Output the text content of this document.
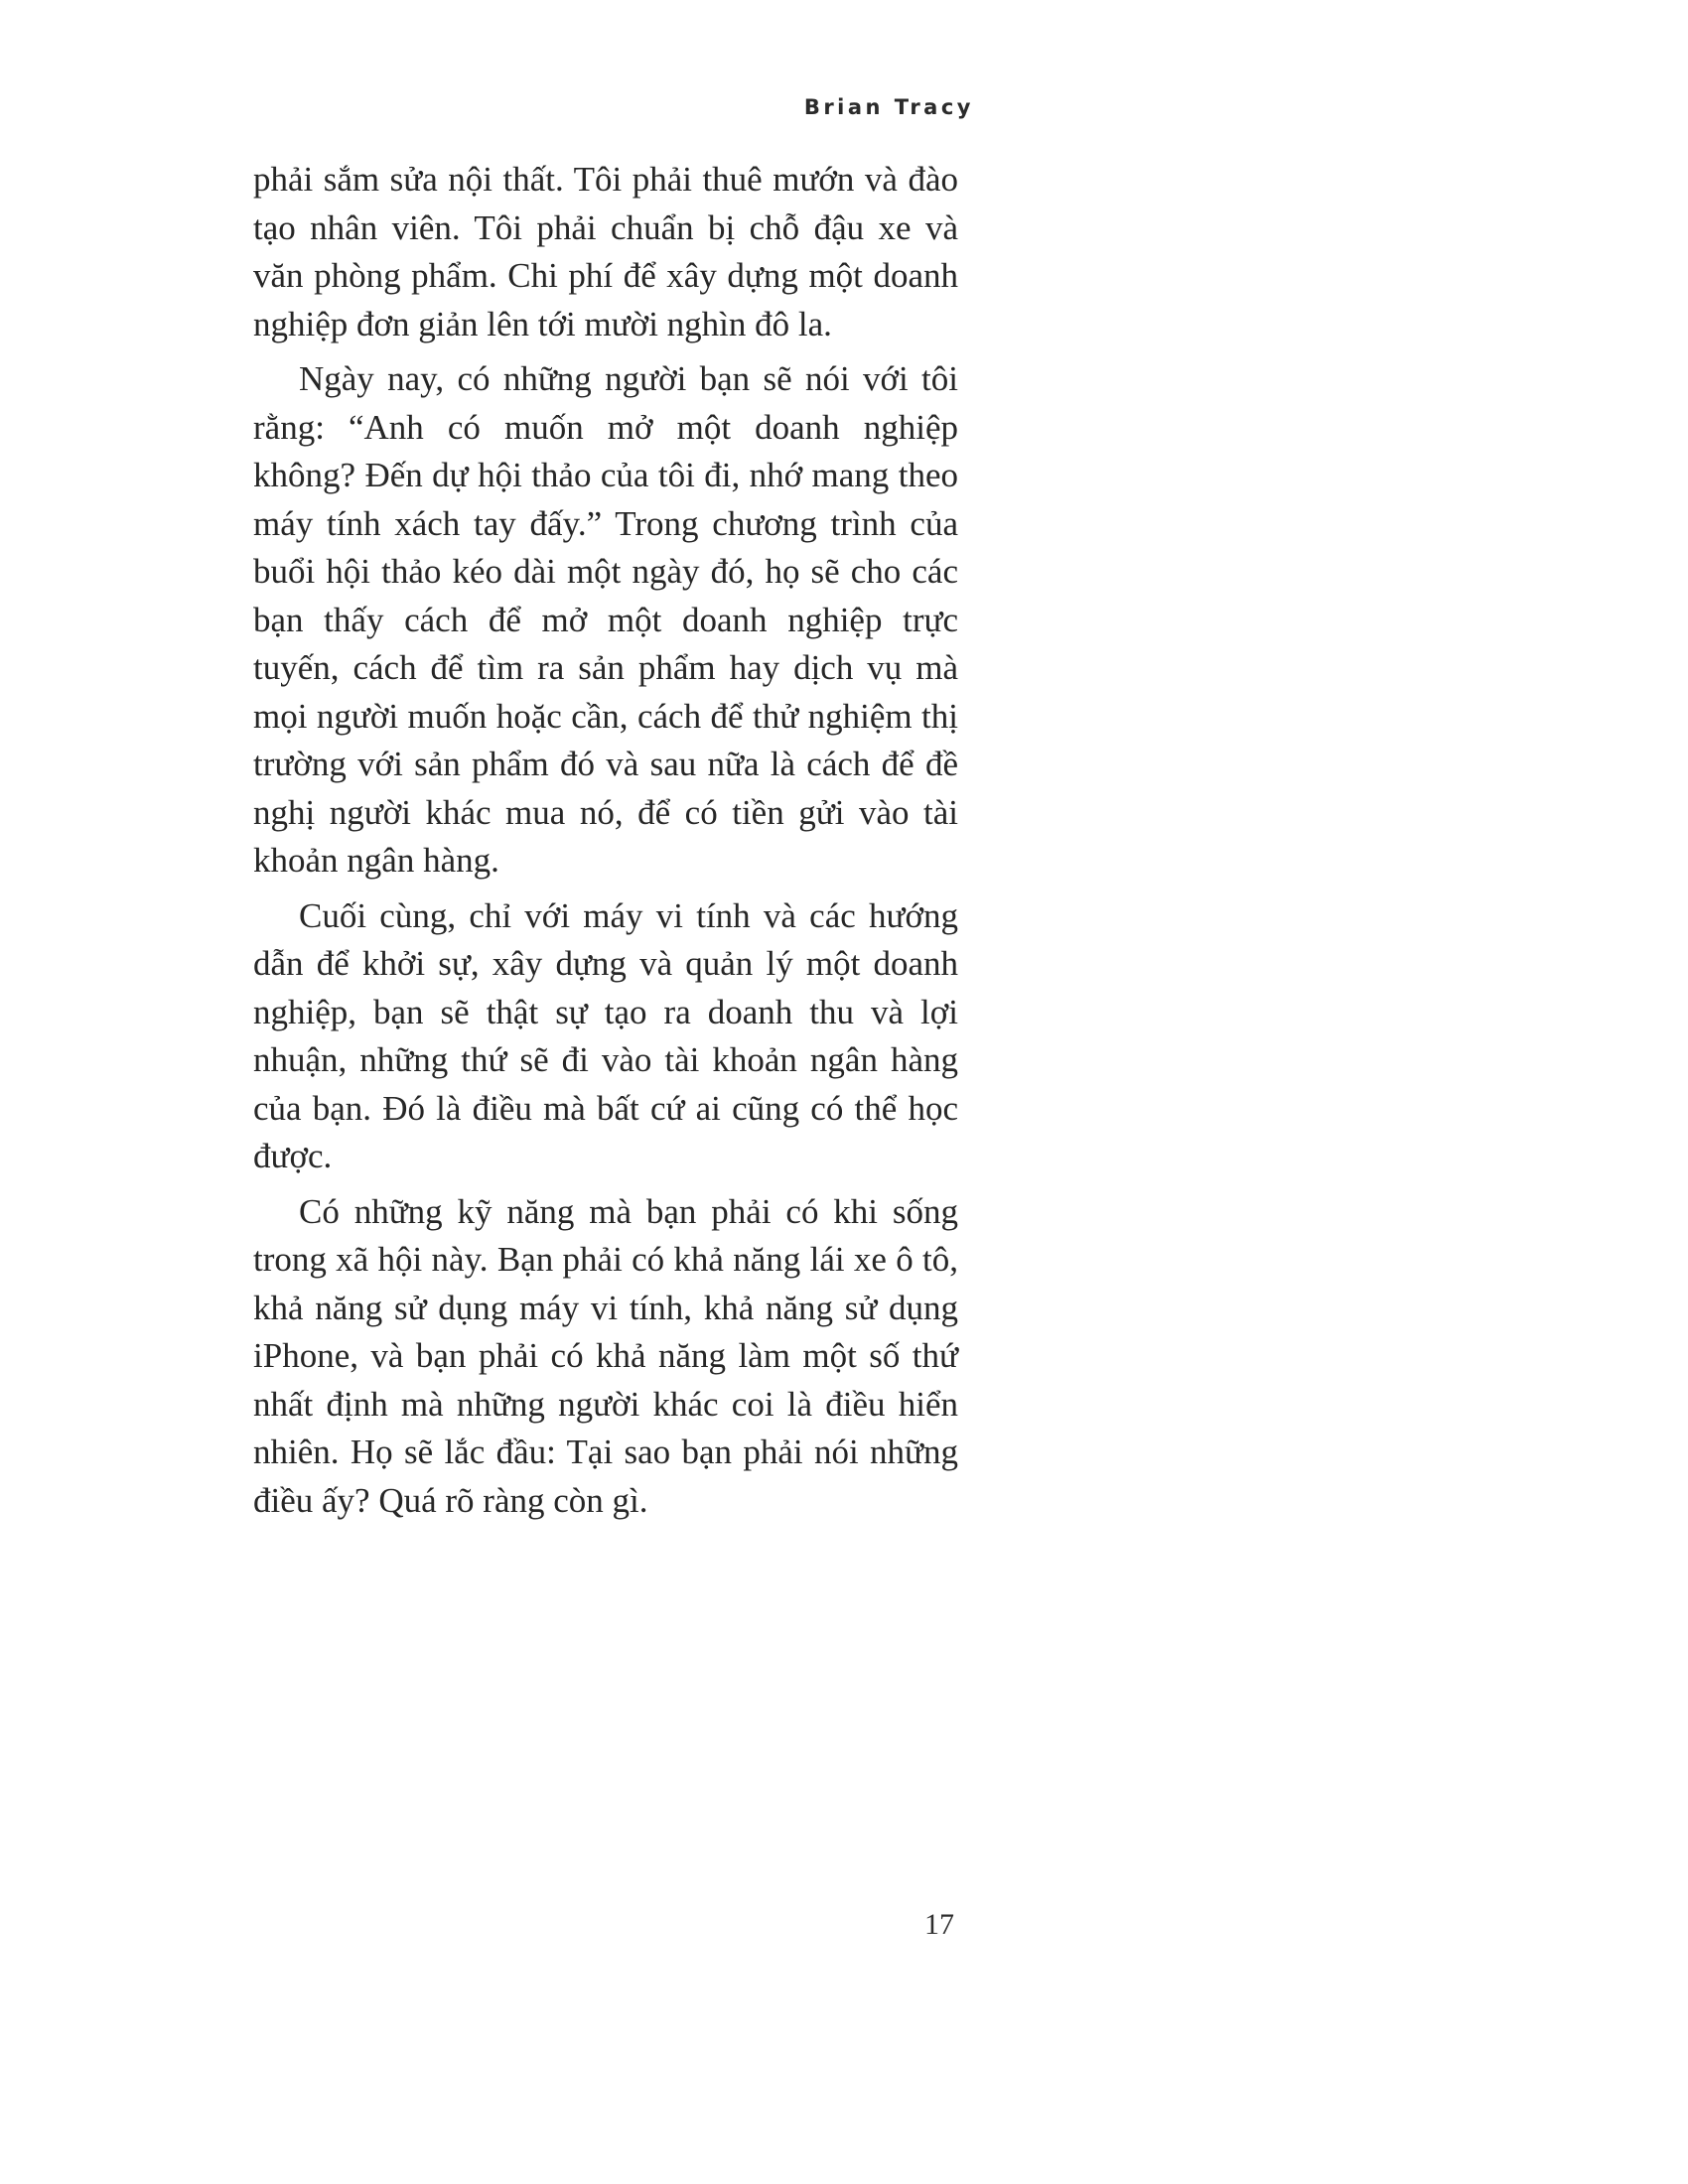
Brian Tracy

phải sắm sửa nội thất. Tôi phải thuê mướn và đào tạo nhân viên. Tôi phải chuẩn bị chỗ đậu xe và văn phòng phẩm. Chi phí để xây dựng một doanh nghiệp đơn giản lên tới mười nghìn đô la.

Ngày nay, có những người bạn sẽ nói với tôi rằng: “Anh có muốn mở một doanh nghiệp không? Đến dự hội thảo của tôi đi, nhớ mang theo máy tính xách tay đấy.” Trong chương trình của buổi hội thảo kéo dài một ngày đó, họ sẽ cho các bạn thấy cách để mở một doanh nghiệp trực tuyến, cách để tìm ra sản phẩm hay dịch vụ mà mọi người muốn hoặc cần, cách để thử nghiệm thị trường với sản phẩm đó và sau nữa là cách để đề nghị người khác mua nó, để có tiền gửi vào tài khoản ngân hàng.

Cuối cùng, chỉ với máy vi tính và các hướng dẫn để khởi sự, xây dựng và quản lý một doanh nghiệp, bạn sẽ thật sự tạo ra doanh thu và lợi nhuận, những thứ sẽ đi vào tài khoản ngân hàng của bạn. Đó là điều mà bất cứ ai cũng có thể học được.

Có những kỹ năng mà bạn phải có khi sống trong xã hội này. Bạn phải có khả năng lái xe ô tô, khả năng sử dụng máy vi tính, khả năng sử dụng iPhone, và bạn phải có khả năng làm một số thứ nhất định mà những người khác coi là điều hiển nhiên. Họ sẽ lắc đầu: Tại sao bạn phải nói những điều ấy? Quá rõ ràng còn gì.

17
